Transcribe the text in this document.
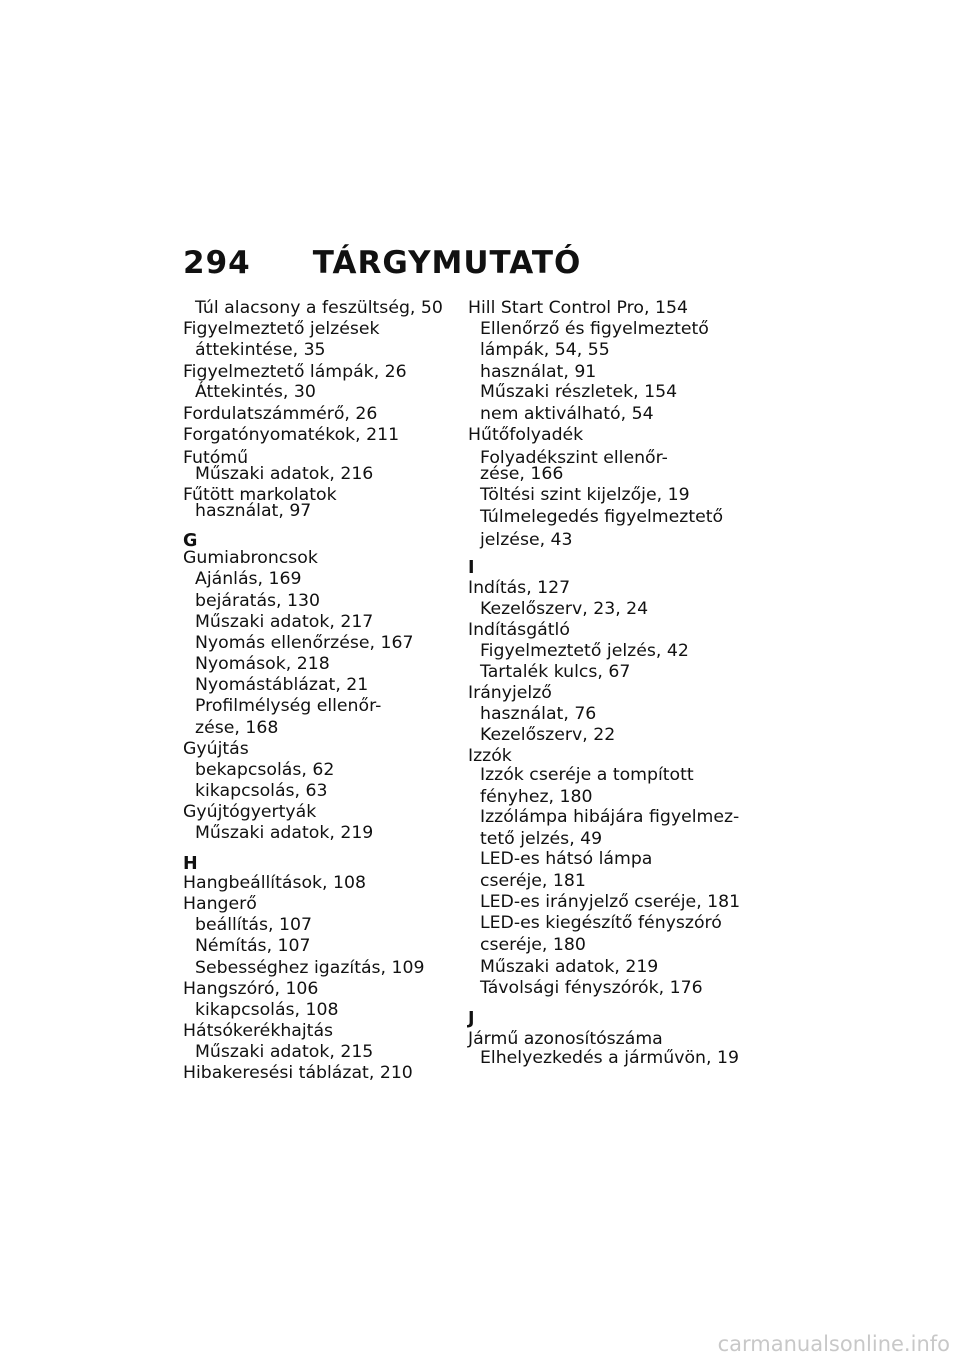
294 TÁRGYMUTATÓ
Túl alacsony a feszültség, 50
Figyelmeztető jelzések
áttekintése, 35
Figyelmeztető lámpák, 26
Áttekintés, 30
Fordulatszámmérő, 26
Forgatónyomatékok, 211
Futómű
Műszaki adatok, 216
Fűtött markolatok
használat, 97
G
Gumiabroncsok
Ajánlás, 169
bejáratás, 130
Műszaki adatok, 217
Nyomás ellenőrzése, 167
Nyomások, 218
Nyomástáblázat, 21
Profilmélység ellenőr-
zése, 168
Gyújtás
bekapcsolás, 62
kikapcsolás, 63
Gyújtógyertyák
Műszaki adatok, 219
H
Hangbeállítások, 108
Hangerő
beállítás, 107
Némítás, 107
Sebességhez igazítás, 109
Hangszóró, 106
kikapcsolás, 108
Hátsókerékhajtás
Műszaki adatok, 215
Hibakeresési táblázat, 210
Hill Start Control Pro, 154
Ellenőrző és figyelmeztető
lámpák, 54, 55
használat, 91
Műszaki részletek, 154
nem aktiválható, 54
Hűtőfolyadék
Folyadékszint ellenőr-
zése, 166
Töltési szint kijelzője, 19
Túlmelegedés figyelmeztető
jelzése, 43
I
Indítás, 127
Kezelőszerv, 23, 24
Indításgátló
Figyelmeztető jelzés, 42
Tartalék kulcs, 67
Irányjelző
használat, 76
Kezelőszerv, 22
Izzók
Izzók cseréje a tompított
fényhez, 180
Izzólámpa hibájára figyelmez-
tető jelzés, 49
LED-es hátsó lámpa
cseréje, 181
LED-es irányjelző cseréje, 181
LED-es kiegészítő fényszóró
cseréje, 180
Műszaki adatok, 219
Távolsági fényszórók, 176
J
Jármű azonosítószáma
Elhelyezkedés a járművön, 19
carmanualsonline.info
